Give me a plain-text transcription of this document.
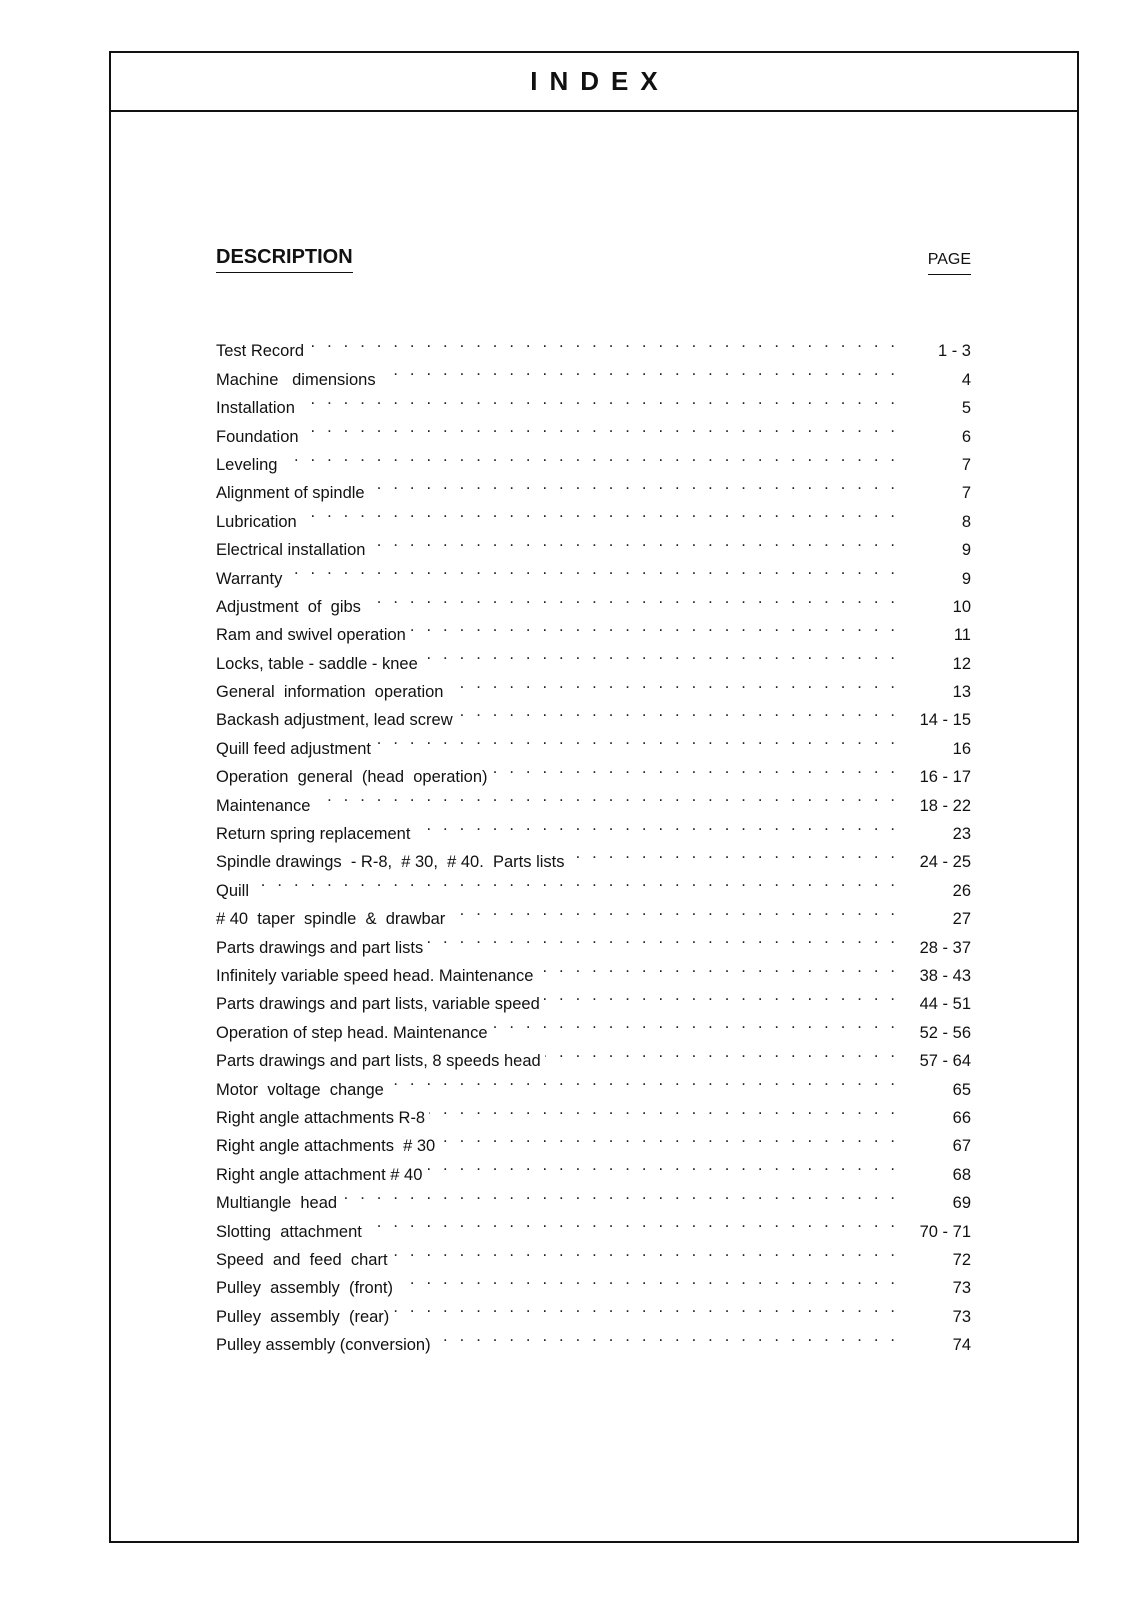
INDEX
DESCRIPTION	PAGE
Test Record . . .	1 - 3
Machine   dimensions . . .	4
Installation . . .	5
Foundation . . .	6
Leveling . . .	7
Alignment of spindle . . .	7
Lubrication . . .	8
Electrical installation . . .	9
Warranty . . .	9
Adjustment  of  gibs . . .	10
Ram and swivel operation . . .	11
Locks, table - saddle - knee . . .	12
General  information  operation . . .	13
Backash adjustment, lead screw . . .	14 - 15
Quill feed adjustment . . .	16
Operation  general  (head  operation) . . .	16 - 17
Maintenance . . .	18 - 22
Return spring replacement . . .	23
Spindle drawings  - R-8,  # 30,  # 40.  Parts lists . . .	24 - 25
Quill . . .	26
# 40  taper  spindle  &  drawbar . . .	27
Parts drawings and part lists . . .	28 - 37
Infinitely variable speed head. Maintenance . . .	38 - 43
Parts drawings and part lists, variable speed . . .	44 - 51
Operation of step head. Maintenance . . .	52 - 56
Parts drawings and part lists, 8 speeds head . . .	57 - 64
Motor  voltage  change . . .	65
Right angle attachments R-8 . . .	66
Right angle attachments  # 30 . . .	67
Right angle attachment # 40 . . .	68
Multiangle  head . . .	69
Slotting  attachment . . .	70 - 71
Speed  and  feed  chart . . .	72
Pulley  assembly  (front) . . .	73
Pulley  assembly  (rear) . . .	73
Pulley assembly (conversion) . . .	74
